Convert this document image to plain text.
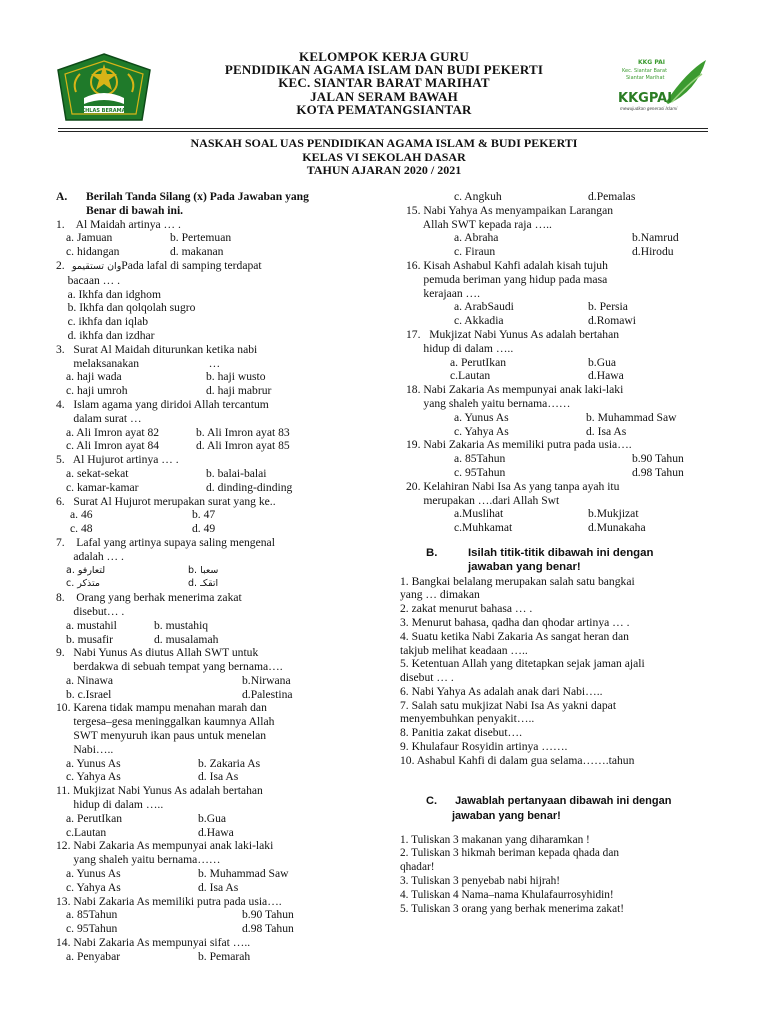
IKHLAS BERAMAL
KELOMPOK KERJA GURU
PENDIDIKAN AGAMA ISLAM DAN BUDI PEKERTI
KEC. SIANTAR BARAT MARIHAT
JALAN SERAM BAWAH
KOTA PEMATANGSIANTAR
KKG PAI
Kec. Siantar Barat
Siantar Marihat
KKGPAI
mewujudkan generasi Islami
NASKAH SOAL UAS PENDIDIKAN AGAMA ISLAM & BUDI PEKERTI
KELAS VI SEKOLAH DASAR
TAHUN AJARAN 2020 / 2021
A.	Berilah Tanda Silang (x) Pada Jawaban yang
Benar di bawah ini.
1.    Al Maidah artinya … .
a. Jamuan	b. Pertemuan
c. hidangan	d. makanan
2. وان تستقيموPada lafal di samping terdapat
bacaan … .
a. Ikhfa dan idghom
b. Ikhfa dan qolqolah sugro
c. ikhfa dan iqlab
d. ikhfa dan izdhar
3.   Surat Al Maidah diturunkan ketika nabi
melaksanakan                        …
a. haji wada	b. haji wusto
c. haji umroh	d. haji mabrur
4.   Islam agama yang diridoi Allah tercantum
dalam surat …
a. Ali Imron ayat 82	b. Ali Imron ayat 83
c. Ali Imron ayat 84	d. Ali Imron ayat 85
5.   Al Hujurot artinya … .
a. sekat-sekat	b. balai-balai
c. kamar-kamar	d. dinding-dinding
6.   Surat Al Hujurot merupakan surat yang ke..
a. 46	b. 47
c. 48	d. 49
7.    Lafal yang artinya supaya saling mengenal
adalah … .
a. لتعارفو	b. سعبا
c. متذكر	d. اتقكـ
8.    Orang yang berhak menerima zakat
disebut… .
a. mustahil	b. mustahiq
b. musafir	d. musalamah
9.   Nabi Yunus As diutus Allah SWT untuk
berdakwa di sebuah tempat yang bernama….
a. Ninawa	b.Nirwana
b. c.Israel	d.Palestina
10. Karena tidak mampu menahan marah dan
tergesa–gesa meninggalkan kaumnya Allah
SWT menyuruh ikan paus untuk menelan
Nabi…..
a. Yunus As	b. Zakaria As
c. Yahya As	d. Isa As
11. Mukjizat Nabi Yunus As adalah bertahan
hidup di dalam …..
a. PerutIkan	b.Gua
c.Lautan	d.Hawa
12. Nabi Zakaria As mempunyai anak laki-laki
yang shaleh yaitu bernama……
a. Yunus As	b. Muhammad Saw
c. Yahya As	d. Isa As
13. Nabi Zakaria As memiliki putra pada usia….
a. 85Tahun	b.90 Tahun
c. 95Tahun	d.98 Tahun
14. Nabi Zakaria As mempunyai sifat …..
a. Penyabar	b. Pemarah
c. Angkuh	d.Pemalas
15. Nabi Yahya As menyampaikan Larangan
Allah SWT kepada raja …..
a. Abraha	b.Namrud
c. Firaun	d.Hirodu
16. Kisah Ashabul Kahfi adalah kisah tujuh
pemuda beriman yang hidup pada masa
kerajaan ….
a. ArabSaudi	b. Persia
c. Akkadia	d.Romawi
17.   Mukjizat Nabi Yunus As adalah bertahan
hidup di dalam …..
a. PerutIkan	b.Gua
c.Lautan	d.Hawa
18. Nabi Zakaria As mempunyai anak laki-laki
yang shaleh yaitu bernama……
a. Yunus As	b. Muhammad Saw
c. Yahya As	d. Isa As
19. Nabi Zakaria As memiliki putra pada usia….
a. 85Tahun	b.90 Tahun
c. 95Tahun	d.98 Tahun
20. Kelahiran Nabi Isa As yang tanpa ayah itu
merupakan ….dari Allah Swt
a.Muslihat	b.Mukjizat
c.Muhkamat	d.Munakaha
B.	Isilah titik-titik dibawah ini dengan
jawaban yang benar!
1. Bangkai belalang merupakan salah satu bangkai
yang … dimakan
2. zakat menurut bahasa … .
3. Menurut bahasa, qadha dan qhodar artinya … .
4. Suatu ketika Nabi Zakaria As sangat heran dan
takjub melihat keadaan …..
5. Ketentuan Allah yang ditetapkan sejak jaman ajali
disebut … .
6. Nabi Yahya As adalah anak dari Nabi…..
7. Salah satu mukjizat Nabi Isa As yakni dapat
menyembuhkan penyakit…..
8. Panitia zakat disebut….
9. Khulafaur Rosyidin artinya …….
10. Ashabul Kahfi di dalam gua selama…….tahun
C. Jawablah pertanyaan dibawah ini dengan
jawaban yang benar!
1. Tuliskan 3 makanan yang diharamkan !
2. Tuliskan 3 hikmah beriman kepada qhada dan
qhadar!
3. Tuliskan 3 penyebab nabi hijrah!
4. Tuliskan 4 Nama–nama Khulafaurrosyhidin!
5. Tuliskan 3 orang yang berhak menerima zakat!
